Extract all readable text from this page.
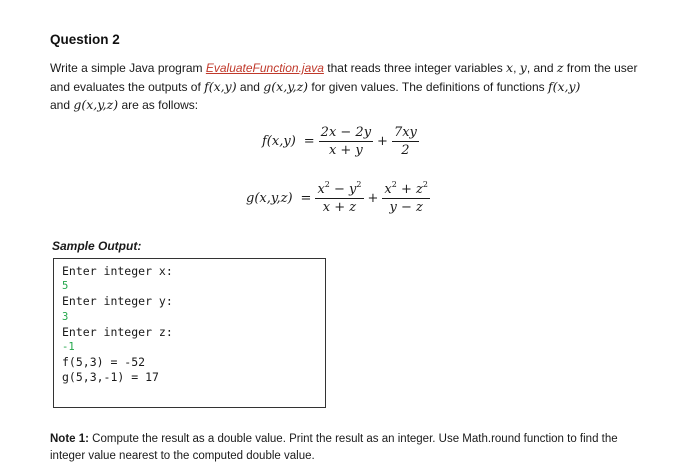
Question 2
Write a simple Java program EvaluateFunction.java that reads three integer variables x, y, and z from the user and evaluates the outputs of f(x,y) and g(x,y,z) for given values. The definitions of functions f(x,y)
and g(x,y,z) are as follows:
$f(x,y) = \frac{2x - 2y}{x + y} + \frac{7xy}{2}$
$g(x,y,z) = \frac{x^2 - y^2}{x + z} + \frac{x^2 + z^2}{y - z}$
Sample Output:
Enter integer x:
5
Enter integer y:
3
Enter integer z:
-1
f(5,3) = -52
g(5,3,-1) = 17
Note 1: Compute the result as a double value. Print the result as an integer. Use Math.round function to find the integer value nearest to the computed double value.
